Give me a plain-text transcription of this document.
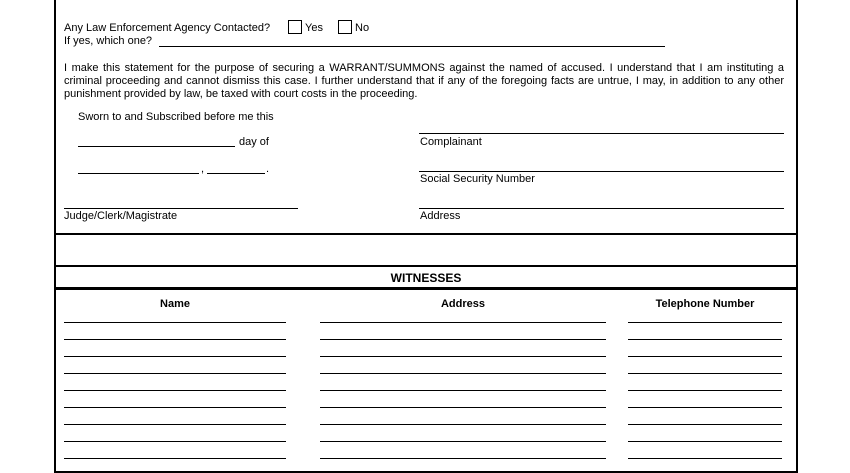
Any Law Enforcement Agency Contacted?	Yes	No
If yes, which one?
I make this statement for the purpose of securing a WARRANT/SUMMONS against the named of accused. I understand that I am instituting a criminal proceeding and cannot dismiss this case. I further understand that if any of the foregoing facts are untrue, I may, in addition to any other punishment provided by law, be taxed with court costs in the proceeding.
Sworn to and Subscribed before me this
day of
,	.
Complainant
Social Security Number
Address
Judge/Clerk/Magistrate
WITNESSES
Name	Address	Telephone Number
